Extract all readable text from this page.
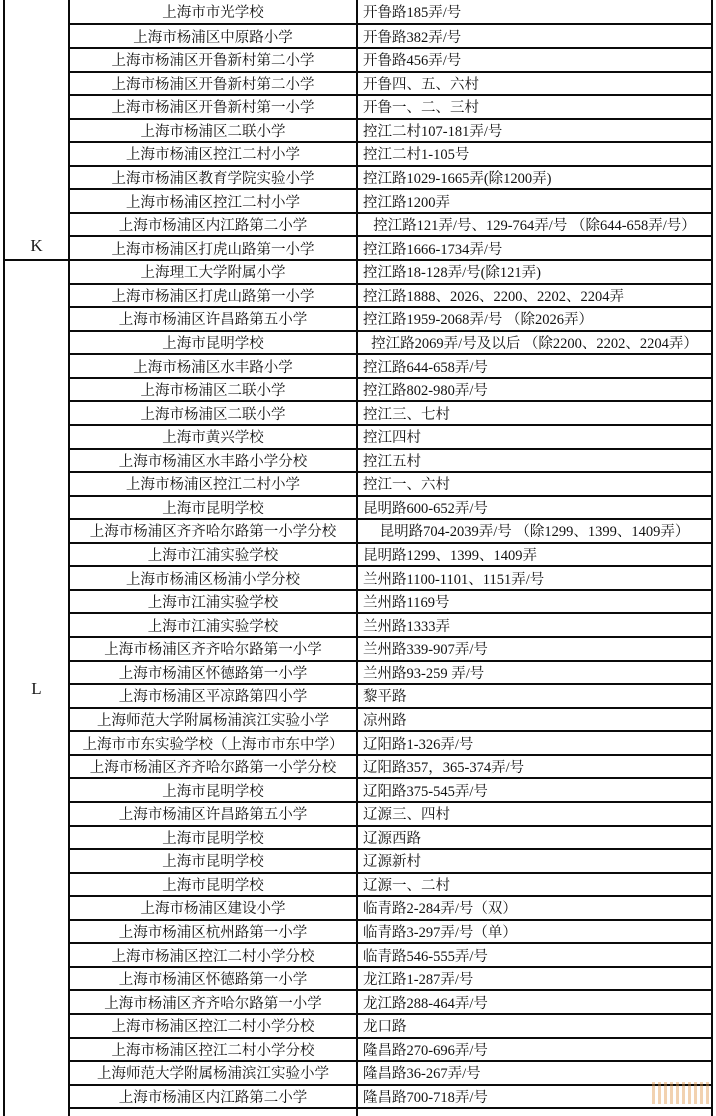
K
L
上海市市光学校	开鲁路185弄/号
上海市杨浦区中原路小学	开鲁路382弄/号
上海市杨浦区开鲁新村第二小学	开鲁路456弄/号
上海市杨浦区开鲁新村第二小学	开鲁四、五、六村
上海市杨浦区开鲁新村第一小学	开鲁一、二、三村
上海市杨浦区二联小学	控江二村107-181弄/号
上海市杨浦区控江二村小学	控江二村1-105号
上海市杨浦区教育学院实验小学	控江路1029-1665弄(除1200弄)
上海市杨浦区控江二村小学	控江路1200弄
上海市杨浦区内江路第二小学	控江路121弄/号、129-764弄/号 （除644-658弄/号）
上海市杨浦区打虎山路第一小学	控江路1666-1734弄/号
上海理工大学附属小学	控江路18-128弄/号(除121弄)
上海市杨浦区打虎山路第一小学	控江路1888、2026、2200、2202、2204弄
上海市杨浦区许昌路第五小学	控江路1959-2068弄/号 （除2026弄）
上海市昆明学校	控江路2069弄/号及以后 （除2200、2202、2204弄）
上海市杨浦区水丰路小学	控江路644-658弄/号
上海市杨浦区二联小学	控江路802-980弄/号
上海市杨浦区二联小学	控江三、七村
上海市黄兴学校	控江四村
上海市杨浦区水丰路小学分校	控江五村
上海市杨浦区控江二村小学	控江一、六村
上海市昆明学校	昆明路600-652弄/号
上海市杨浦区齐齐哈尔路第一小学分校	昆明路704-2039弄/号 （除1299、1399、1409弄）
上海市江浦实验学校	昆明路1299、1399、1409弄
上海市杨浦区杨浦小学分校	兰州路1100-1101、1151弄/号
上海市江浦实验学校	兰州路1169号
上海市江浦实验学校	兰州路1333弄
上海市杨浦区齐齐哈尔路第一小学	兰州路339-907弄/号
上海市杨浦区怀德路第一小学	兰州路93-259 弄/号
上海市杨浦区平凉路第四小学	黎平路
上海师范大学附属杨浦滨江实验小学	凉州路
上海市市东实验学校（上海市市东中学）	辽阳路1-326弄/号
上海市杨浦区齐齐哈尔路第一小学分校	辽阳路357，365-374弄/号
上海市昆明学校	辽阳路375-545弄/号
上海市杨浦区许昌路第五小学	辽源三、四村
上海市昆明学校	辽源西路
上海市昆明学校	辽源新村
上海市昆明学校	辽源一、二村
上海市杨浦区建设小学	临青路2-284弄/号（双）
上海市杨浦区杭州路第一小学	临青路3-297弄/号（单）
上海市杨浦区控江二村小学分校	临青路546-555弄/号
上海市杨浦区怀德路第一小学	龙江路1-287弄/号
上海市杨浦区齐齐哈尔路第一小学	龙江路288-464弄/号
上海市杨浦区控江二村小学分校	龙口路
上海市杨浦区控江二村小学分校	隆昌路270-696弄/号
上海师范大学附属杨浦滨江实验小学	隆昌路36-267弄/号
上海市杨浦区内江路第二小学	隆昌路700-718弄/号
